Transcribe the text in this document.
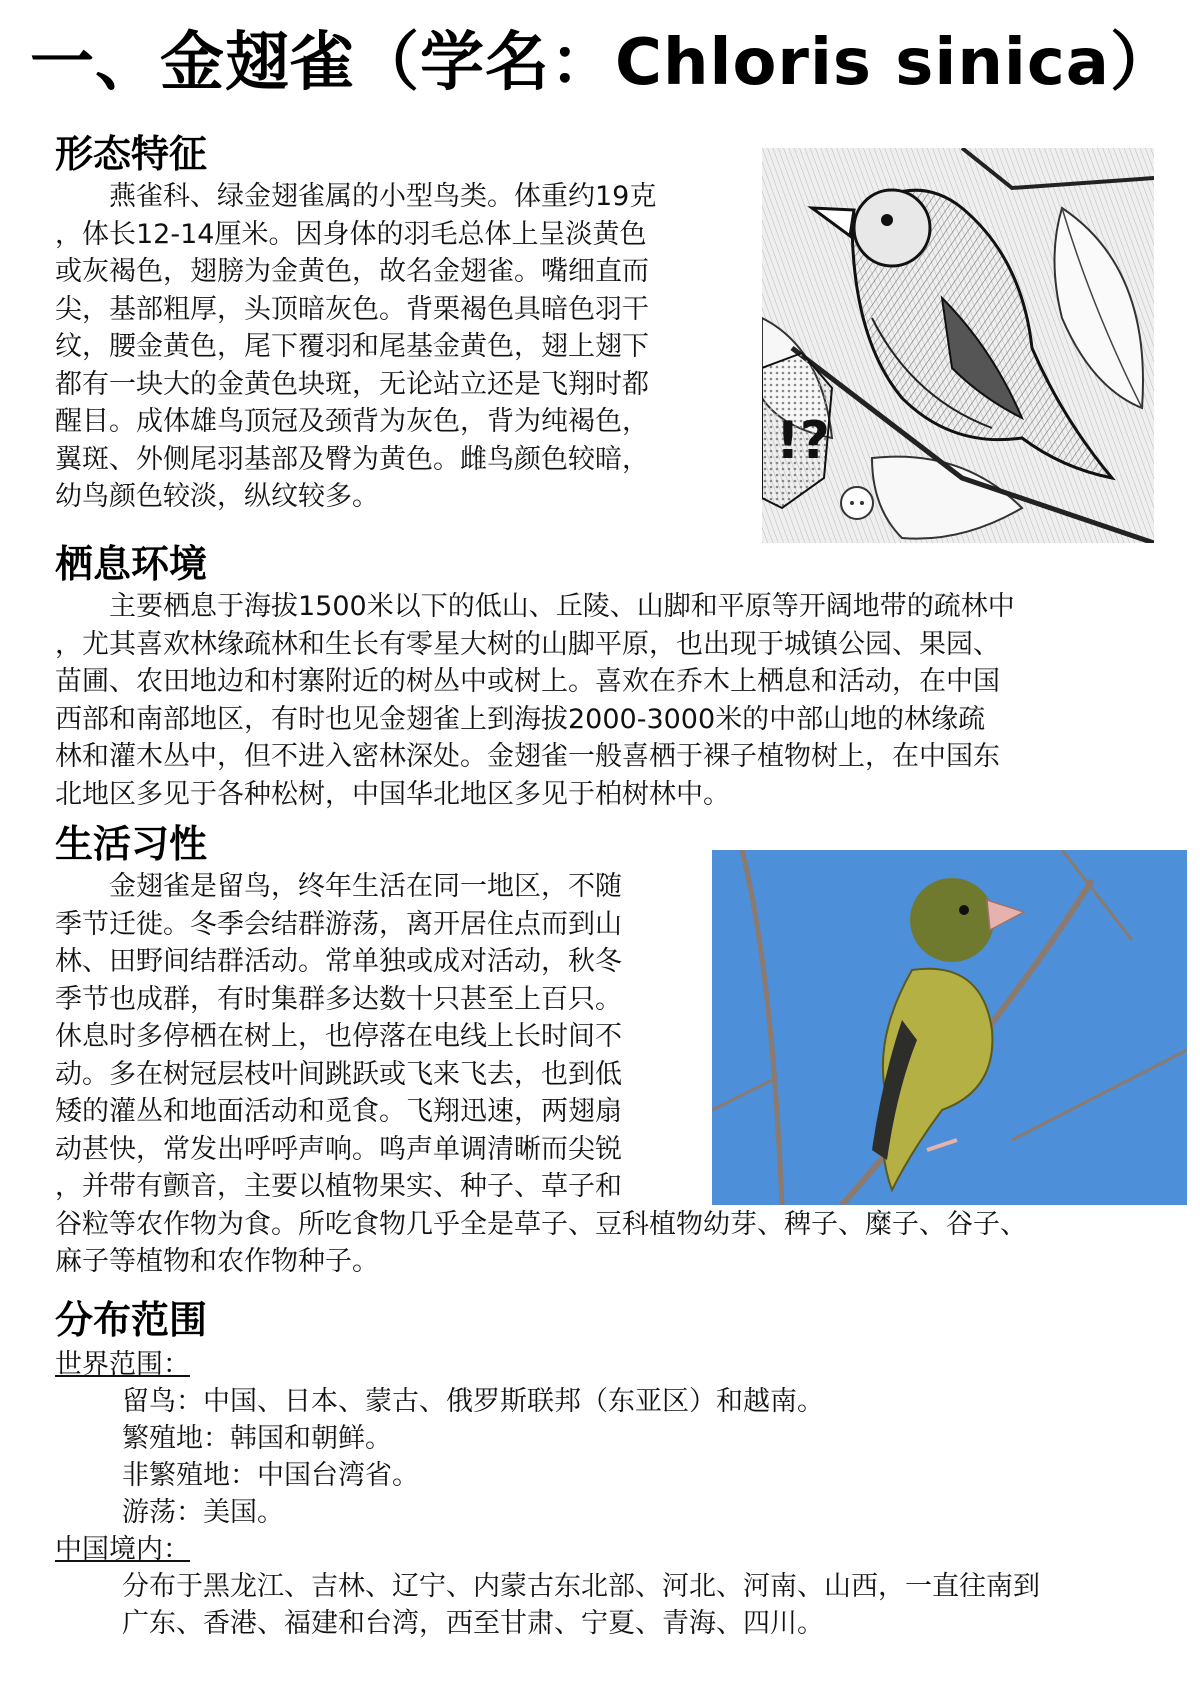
一、金翅雀（学名：Chloris sinica）
形态特征
　　燕雀科、绿金翅雀属的小型鸟类。体重约19克
，体长12-14厘米。因身体的羽毛总体上呈淡黄色
或灰褐色，翅膀为金黄色，故名金翅雀。嘴细直而
尖，基部粗厚，头顶暗灰色。背栗褐色具暗色羽干
纹，腰金黄色，尾下覆羽和尾基金黄色，翅上翅下
都有一块大的金黄色块斑，无论站立还是飞翔时都
醒目。成体雄鸟顶冠及颈背为灰色，背为纯褐色，
翼斑、外侧尾羽基部及臀为黄色。雌鸟颜色较暗，
幼鸟颜色较淡，纵纹较多。
!?
栖息环境
　　主要栖息于海拔1500米以下的低山、丘陵、山脚和平原等开阔地带的疏林中
，尤其喜欢林缘疏林和生长有零星大树的山脚平原，也出现于城镇公园、果园、
苗圃、农田地边和村寨附近的树丛中或树上。喜欢在乔木上栖息和活动，在中国
西部和南部地区，有时也见金翅雀上到海拔2000-3000米的中部山地的林缘疏
林和灌木丛中，但不进入密林深处。金翅雀一般喜栖于裸子植物树上，在中国东
北地区多见于各种松树，中国华北地区多见于柏树林中。
生活习性
　　金翅雀是留鸟，终年生活在同一地区，不随
季节迁徙。冬季会结群游荡，离开居住点而到山
林、田野间结群活动。常单独或成对活动，秋冬
季节也成群，有时集群多达数十只甚至上百只。
休息时多停栖在树上，也停落在电线上长时间不
动。多在树冠层枝叶间跳跃或飞来飞去，也到低
矮的灌丛和地面活动和觅食。飞翔迅速，两翅扇
动甚快，常发出呼呼声响。鸣声单调清晰而尖锐
，并带有颤音，主要以植物果实、种子、草子和
谷粒等农作物为食。所吃食物几乎全是草子、豆科植物幼芽、稗子、糜子、谷子、
麻子等植物和农作物种子。
分布范围
世界范围：
留鸟：中国、日本、蒙古、俄罗斯联邦（东亚区）和越南。
繁殖地：韩国和朝鲜。
非繁殖地：中国台湾省。
游荡：美国。
中国境内：
分布于黑龙江、吉林、辽宁、内蒙古东北部、河北、河南、山西，一直往南到
广东、香港、福建和台湾，西至甘肃、宁夏、青海、四川。
